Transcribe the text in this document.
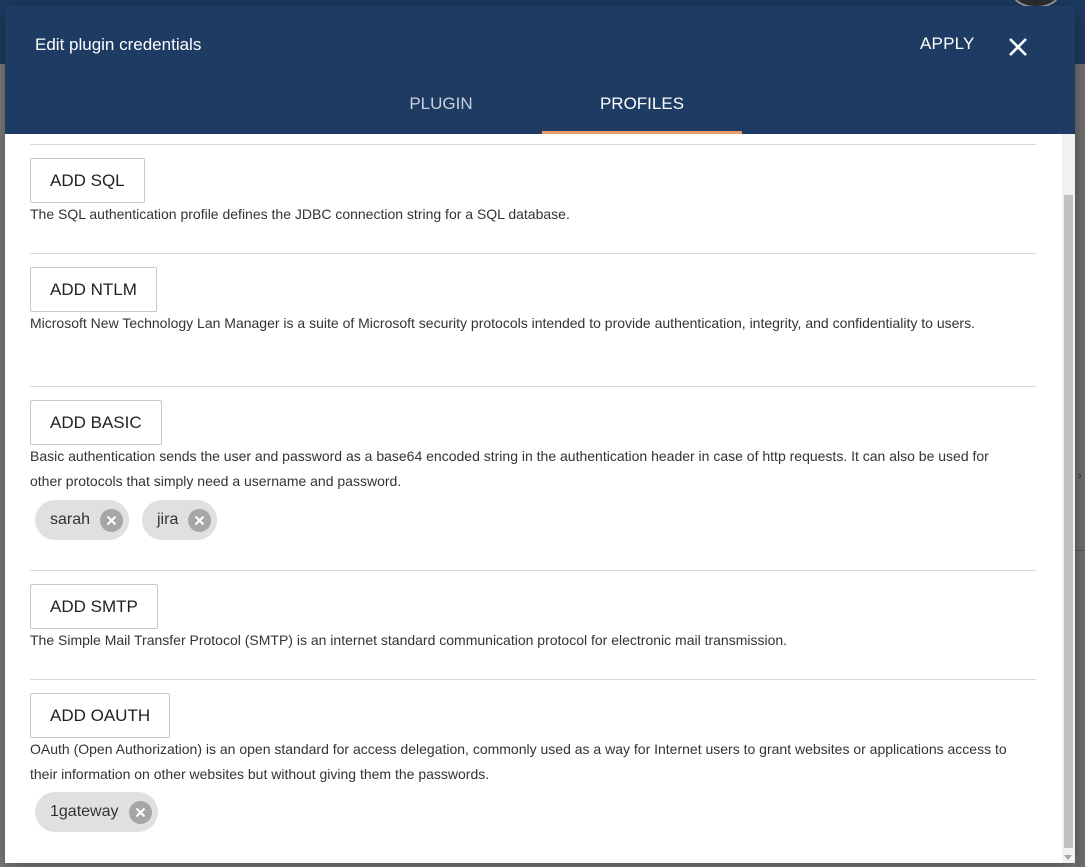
›
Edit plugin credentials	APPLY
PLUGIN	PROFILES
ADD SQL
The SQL authentication profile defines the JDBC connection string for a SQL database.
ADD NTLM
Microsoft New Technology Lan Manager is a suite of Microsoft security protocols intended to provide authentication, integrity, and confidentiality to users.
ADD BASIC
Basic authentication sends the user and password as a base64 encoded string in the authentication header in case of http requests. It can also be used for other protocols that simply need a username and password.
sarah	jira
ADD SMTP
The Simple Mail Transfer Protocol (SMTP) is an internet standard communication protocol for electronic mail transmission.
ADD OAUTH
OAuth (Open Authorization) is an open standard for access delegation, commonly used as a way for Internet users to grant websites or applications access to their information on other websites but without giving them the passwords.
1gateway
